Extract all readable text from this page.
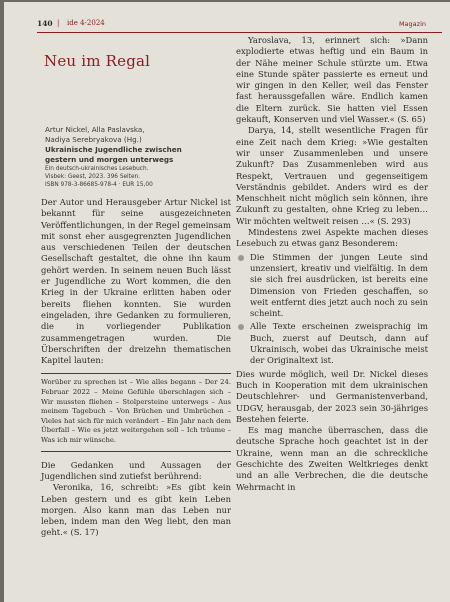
140 | ide 4-2024	Magazin
Neu im Regal
Artur Nickel, Alla Paslavska,
Nadiya Serebryakova (Hg.)
Ukrainische Jugendliche zwischen
gestern und morgen unterwegs
Ein deutsch-ukrainisches Lesebuch.
Visbek: Geest, 2023. 396 Seiten.
ISBN 978-3-86685-978-4 · EUR 15,00

Der Autor und Herausgeber Artur Nickel ist bekannt für seine ausgezeichneten Veröffentlichungen, in der Regel gemeinsam mit sonst eher ausgegrenzten Jugendlichen aus verschiedenen Teilen der deutschen Gesellschaft gestaltet, die ohne ihn kaum gehört werden. In seinem neuen Buch lässt er Jugendliche zu Wort kommen, die den Krieg in der Ukraine erlitten haben oder bereits fliehen konnten. Sie wurden eingeladen, ihre Gedanken zu formulieren, die in vorliegender Publikation zusammengetragen wurden. Die Überschriften der dreizehn thematischen Kapitel lauten:

Worüber zu sprechen ist – Wie alles begann – Der 24. Februar 2022 – Meine Gefühle überschlagen sich – Wir mussten fliehen – Stolpersteine unterwegs – Aus meinem Tagebuch – Von Brüchen und Umbrüchen – Vieles hat sich für mich verändert – Ein Jahr nach dem Überfall – Wie es jetzt weitergehen soll – Ich träume – Was ich mir wünsche.

Die Gedanken und Aussagen der Jugendlichen sind zutiefst berührend:

Veronika, 16, schreibt: »Es gibt kein Leben gestern und es gibt kein Leben morgen. Also kann man das Leben nur leben, indem man den Weg liebt, den man geht.« (S. 17)

Yaroslava, 13, erinnert sich: »Dann explodierte etwas heftig und ein Baum in der Nähe meiner Schule stürzte um. Etwa eine Stunde später passierte es erneut und wir gingen in den Keller, weil das Fenster fast heraussgefallen wäre. Endlich kamen die Eltern zurück. Sie hatten viel Essen gekauft, Konserven und viel Wasser.« (S. 65)

Darya, 14, stellt wesentliche Fragen für eine Zeit nach dem Krieg: »Wie gestalten wir unser Zusammenleben und unsere Zukunft? Das Zusammenleben wird aus Respekt, Vertrauen und gegenseitigem Verständnis gebildet. Anders wird es der Menschheit nicht möglich sein können, ihre Zukunft zu gestalten, ohne Krieg zu leben… Wir möchten weltweit reisen …« (S. 293)

Mindestens zwei Aspekte machen dieses Lesebuch zu etwas ganz Besonderem:

Die Stimmen der jungen Leute sind unzensiert, kreativ und vielfältig. In dem sie sich frei ausdrücken, ist bereits eine Dimension von Frieden geschaffen, so weit entfernt dies jetzt auch noch zu sein scheint.
Alle Texte erscheinen zweisprachig im Buch, zuerst auf Deutsch, dann auf Ukrainisch, wobei das Ukrainische meist der Originaltext ist.

Dies wurde möglich, weil Dr. Nickel dieses Buch in Kooperation mit dem ukrainischen Deutschlehrer- und Germanistenverband, UDGV, herausgab, der 2023 sein 30-jähriges Bestehen feierte.

Es mag manche überraschen, dass die deutsche Sprache hoch geachtet ist in der Ukraine, wenn man an die schreckliche Geschichte des Zweiten Weltkrieges denkt und an alle Verbrechen, die die deutsche Wehrmacht in
